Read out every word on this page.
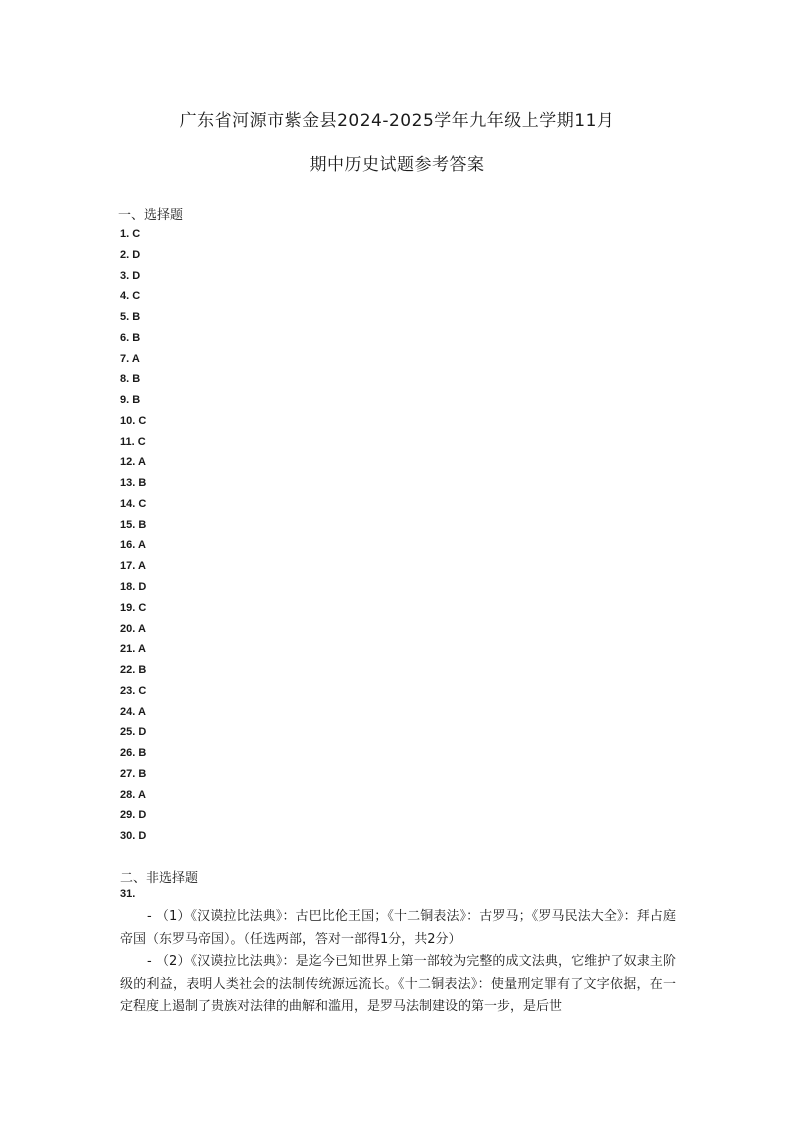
广东省河源市紫金县2024-2025学年九年级上学期11月
期中历史试题参考答案
一、选择题
1. C
2. D
3. D
4. C
5. B
6. B
7. A
8. B
9. B
10. C
11. C
12. A
13. B
14. C
15. B
16. A
17. A
18. D
19. C
20. A
21. A
22. B
23. C
24. A
25. D
26. B
27. B
28. A
29. D
30. D
二、非选择题
31.
- （1）《汉谟拉比法典》：古巴比伦王国；《十二铜表法》：古罗马；《罗马民法大全》：拜占庭帝国（东罗马帝国）。（任选两部，答对一部得1分，共2分）
- （2）《汉谟拉比法典》：是迄今已知世界上第一部较为完整的成文法典，它维护了奴隶主阶级的利益，表明人类社会的法制传统源远流长。《十二铜表法》：使量刑定罪有了文字依据，在一定程度上遏制了贵族对法律的曲解和滥用，是罗马法制建设的第一步，是后世
